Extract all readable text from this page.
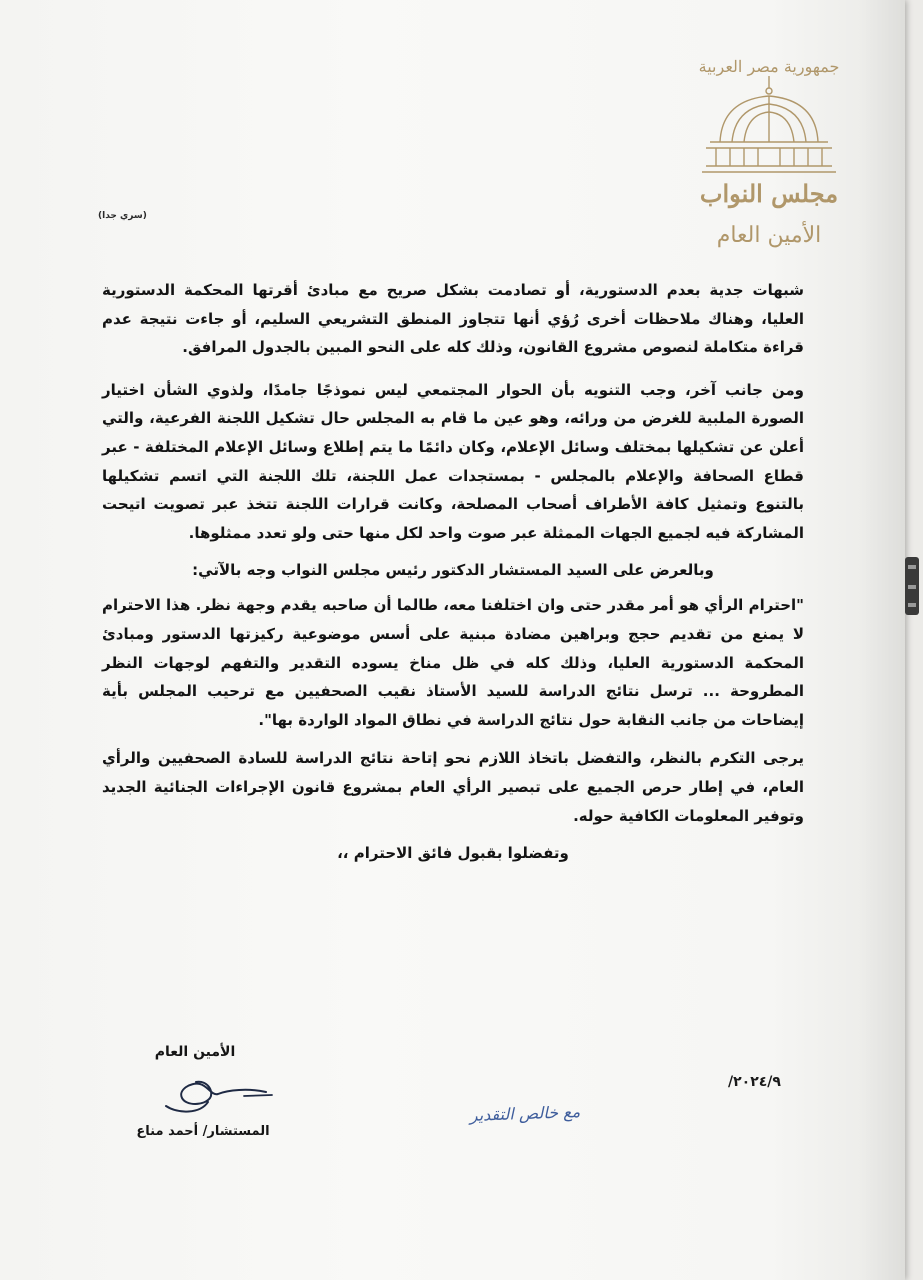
جمهورية مصر العربية
مجلس النواب
الأمين العام
(سري جدا)

شبهات جدية بعدم الدستورية، أو تصادمت بشكل صريح مع مبادئ أقرتها المحكمة الدستورية العليا، وهناك ملاحظات أخرى رُؤي أنها تتجاوز المنطق التشريعي السليم، أو جاءت نتيجة عدم قراءة متكاملة لنصوص مشروع القانون، وذلك كله على النحو المبين بالجدول المرافق.

ومن جانب آخر، وجب التنويه بأن الحوار المجتمعي ليس نموذجًا جامدًا، ولذوي الشأن اختيار الصورة الملبية للغرض من ورائه، وهو عين ما قام به المجلس حال تشكيل اللجنة الفرعية، والتي أعلن عن تشكيلها بمختلف وسائل الإعلام، وكان دائمًا ما يتم إطلاع وسائل الإعلام المختلفة - عبر قطاع الصحافة والإعلام بالمجلس - بمستجدات عمل اللجنة، تلك اللجنة التي اتسم تشكيلها بالتنوع وتمثيل كافة الأطراف أصحاب المصلحة، وكانت قرارات اللجنة تتخذ عبر تصويت اتيحت المشاركة فيه لجميع الجهات الممثلة عبر صوت واحد لكل منها حتى ولو تعدد ممثلوها.

وبالعرض على السيد المستشار الدكتور رئيس مجلس النواب وجه بالآتي:

"احترام الرأي هو أمر مقدر حتى وان اختلفنا معه، طالما أن صاحبه يقدم وجهة نظر. هذا الاحترام لا يمنع من تقديم حجج وبراهين مضادة مبنية على أسس موضوعية ركيزتها الدستور ومبادئ المحكمة الدستورية العليا، وذلك كله في ظل مناخ يسوده التقدير والتفهم لوجهات النظر المطروحة ... ترسل نتائج الدراسة للسيد الأستاذ نقيب الصحفيين مع ترحيب المجلس بأية إيضاحات من جانب النقابة حول نتائج الدراسة في نطاق المواد الواردة بها".

يرجى التكرم بالنظر، والتفضل باتخاذ اللازم نحو إتاحة نتائج الدراسة للسادة الصحفيين والرأي العام، في إطار حرص الجميع على تبصير الرأي العام بمشروع قانون الإجراءات الجنائية الجديد وتوفير المعلومات الكافية حوله.

وتفضلوا بقبول فائق الاحترام ،،

الأمين العام
المستشار/ أحمد مناع
٢٠٢٤/٩/
مع خالص التقدير
